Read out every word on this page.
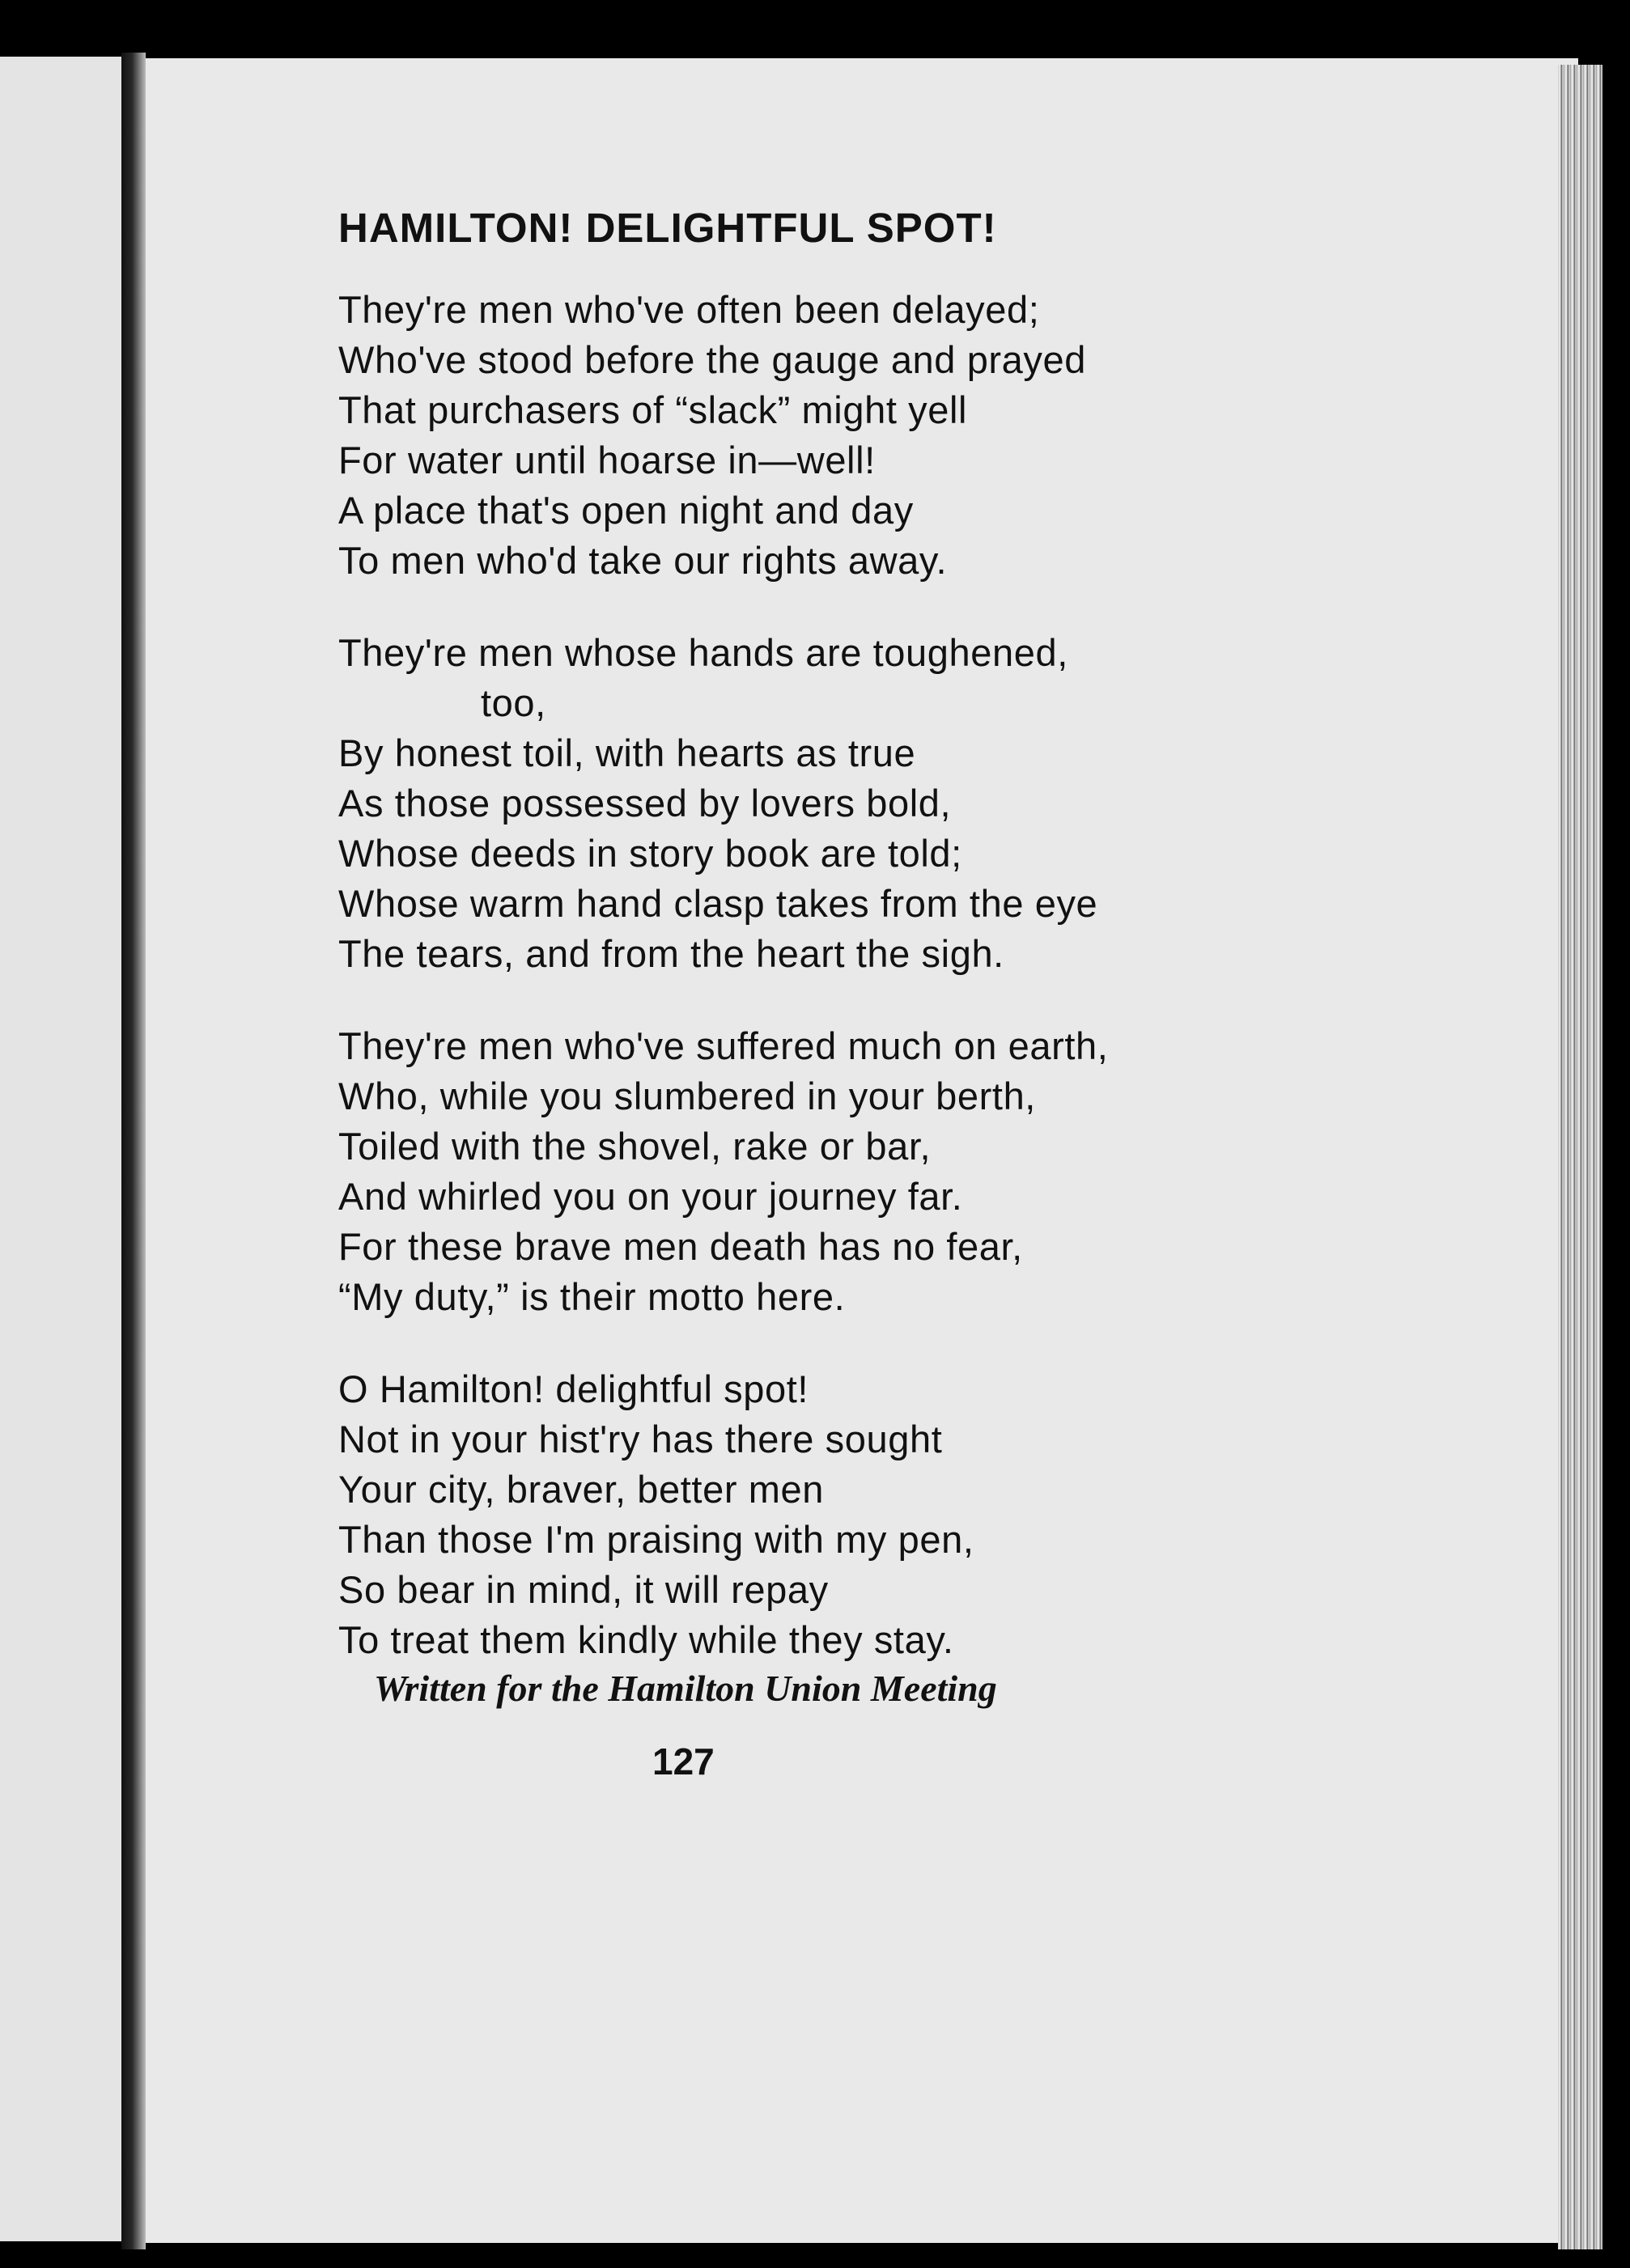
HAMILTON! DELIGHTFUL SPOT!
They're men who've often been delayed;
Who've stood before the gauge and prayed
That purchasers of “slack” might yell
For water until hoarse in—well!
A place that's open night and day
To men who'd take our rights away.
They're men whose hands are toughened,
too,
By honest toil, with hearts as true
As those possessed by lovers bold,
Whose deeds in story book are told;
Whose warm hand clasp takes from the eye
The tears, and from the heart the sigh.
They're men who've suffered much on earth,
Who, while you slumbered in your berth,
Toiled with the shovel, rake or bar,
And whirled you on your journey far.
For these brave men death has no fear,
“My duty,” is their motto here.
O Hamilton! delightful spot!
Not in your hist'ry has there sought
Your city, braver, better men
Than those I'm praising with my pen,
So bear in mind, it will repay
To treat them kindly while they stay.
Written for the Hamilton Union Meeting
127
